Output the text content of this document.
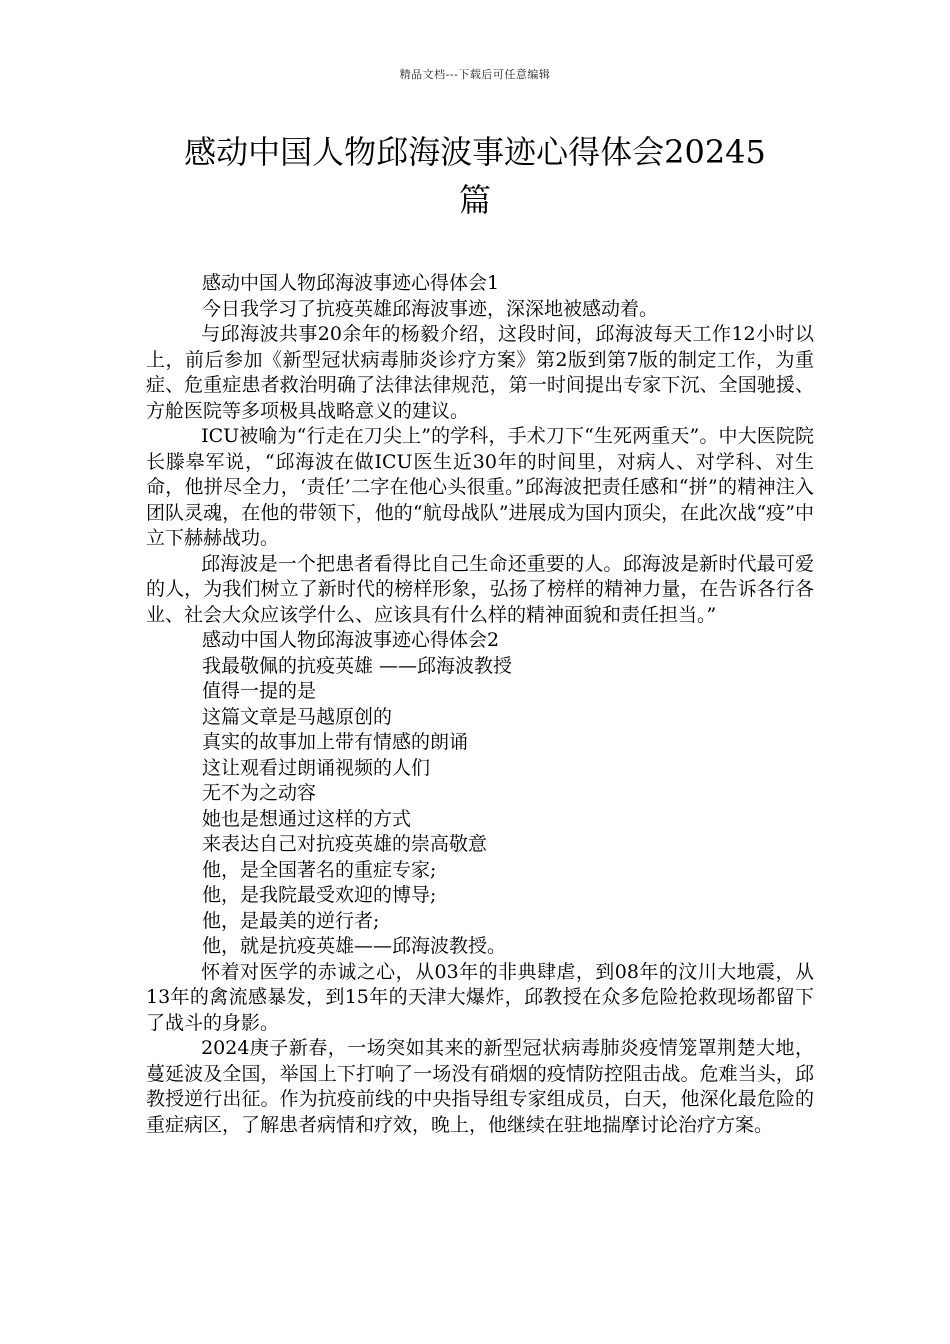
精品文档---下载后可任意编辑
感动中国人物邱海波事迹心得体会20245
篇

感动中国人物邱海波事迹心得体会1

今日我学习了抗疫英雄邱海波事迹，深深地被感动着。

与邱海波共事20余年的杨毅介绍，这段时间，邱海波每天工作12小时以上，前后参加《新型冠状病毒肺炎诊疗方案》第2版到第7版的制定工作，为重症、危重症患者救治明确了法律法律规范，第一时间提出专家下沉、全国驰援、方舱医院等多项极具战略意义的建议。

ICU被喻为“行走在刀尖上”的学科，手术刀下“生死两重天”。中大医院院长滕皋军说，“邱海波在做ICU医生近30年的时间里，对病人、对学科、对生命，他拼尽全力，‘责任’二字在他心头很重。”邱海波把责任感和“拼”的精神注入团队灵魂，在他的带领下，他的“航母战队”进展成为国内顶尖，在此次战“疫”中立下赫赫战功。

邱海波是一个把患者看得比自己生命还重要的人。邱海波是新时代最可爱的人，为我们树立了新时代的榜样形象，弘扬了榜样的精神力量，在告诉各行各业、社会大众应该学什么、应该具有什么样的精神面貌和责任担当。”

感动中国人物邱海波事迹心得体会2

我最敬佩的抗疫英雄 ——邱海波教授

值得一提的是

这篇文章是马越原创的

真实的故事加上带有情感的朗诵

这让观看过朗诵视频的人们

无不为之动容

她也是想通过这样的方式

来表达自己对抗疫英雄的崇高敬意

他，是全国著名的重症专家;

他，是我院最受欢迎的博导;

他，是最美的逆行者;

他，就是抗疫英雄——邱海波教授。

怀着对医学的赤诚之心，从03年的非典肆虐，到08年的汶川大地震，从13年的禽流感暴发，到15年的天津大爆炸，邱教授在众多危险抢救现场都留下了战斗的身影。

2024庚子新春，一场突如其来的新型冠状病毒肺炎疫情笼罩荆楚大地，蔓延波及全国，举国上下打响了一场没有硝烟的疫情防控阻击战。危难当头，邱教授逆行出征。作为抗疫前线的中央指导组专家组成员，白天，他深化最危险的重症病区，了解患者病情和疗效，晚上，他继续在驻地揣摩讨论治疗方案。
